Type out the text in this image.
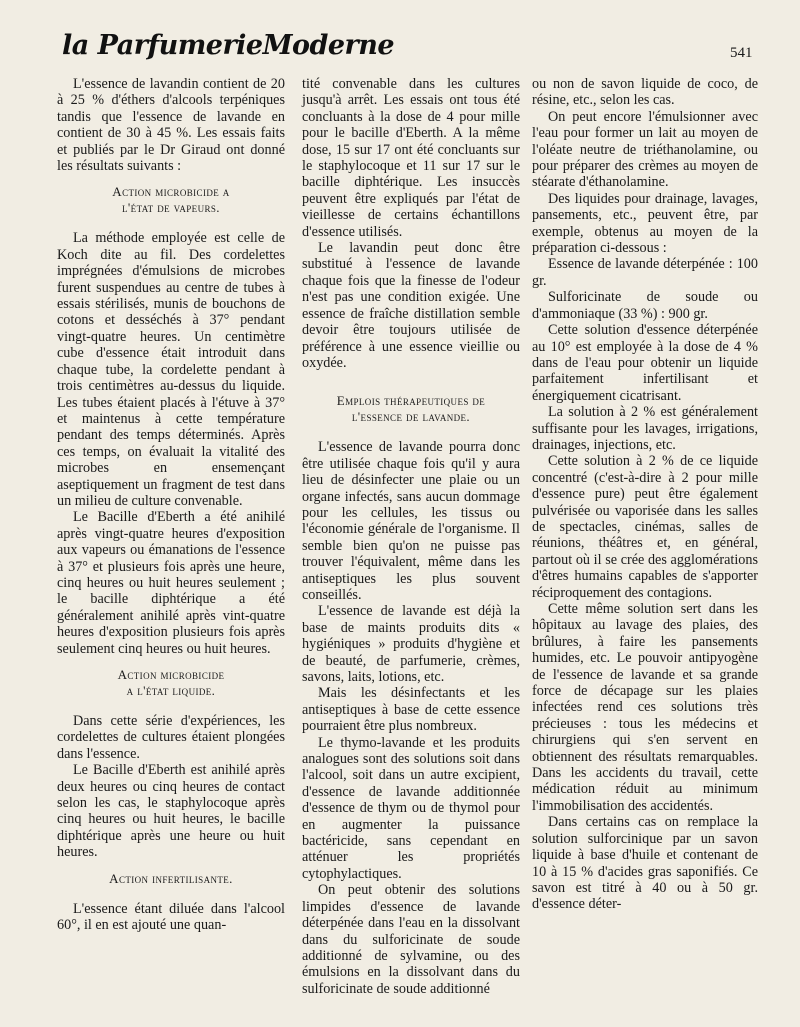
la ParfumerieModerne	541

L'essence de lavandin contient de 20 à 25 % d'éthers d'alcools terpéniques tandis que l'essence de lavande en contient de 30 à 45 %. Les essais faits et publiés par le Dr Giraud ont donné les résultats suivants :

Action microbicide a
l'état de vapeurs.

La méthode employée est celle de Koch dite au fil. Des cordelettes imprégnées d'émulsions de microbes furent suspendues au centre de tubes à essais stérilisés, munis de bouchons de cotons et desséchés à 37° pendant vingt-quatre heures. Un centimètre cube d'essence était introduit dans chaque tube, la cordelette pendant à trois centimètres au-dessus du liquide. Les tubes étaient placés à l'étuve à 37° et maintenus à cette température pendant des temps déterminés. Après ces temps, on évaluait la vitalité des microbes en ensemençant aseptiquement un fragment de test dans un milieu de culture convenable.

Le Bacille d'Eberth a été anihilé après vingt-quatre heures d'exposition aux vapeurs ou émanations de l'essence à 37° et plusieurs fois après une heure, cinq heures ou huit heures seulement ; le bacille diphtérique a été généralement anihilé après vint-quatre heures d'exposition plusieurs fois après seulement cinq heures ou huit heures.

Action microbicide
a l'état liquide.

Dans cette série d'expériences, les cordelettes de cultures étaient plongées dans l'essence.

Le Bacille d'Eberth est anihilé après deux heures ou cinq heures de contact selon les cas, le staphylocoque après cinq heures ou huit heures, le bacille diphtérique après une heure ou huit heures.

Action infertilisante.

L'essence étant diluée dans l'alcool 60°, il en est ajouté une quan-

tité convenable dans les cultures jusqu'à arrêt. Les essais ont tous été concluants à la dose de 4 pour mille pour le bacille d'Eberth. A la même dose, 15 sur 17 ont été concluants sur le staphylocoque et 11 sur 17 sur le bacille diphtérique. Les insuccès peuvent être expliqués par l'état de vieillesse de certains échantillons d'essence utilisés.

Le lavandin peut donc être substitué à l'essence de lavande chaque fois que la finesse de l'odeur n'est pas une condition exigée. Une essence de fraîche distillation semble devoir être toujours utilisée de préférence à une essence vieillie ou oxydée.

Emplois thérapeutiques de
l'essence de lavande.

L'essence de lavande pourra donc être utilisée chaque fois qu'il y aura lieu de désinfecter une plaie ou un organe infectés, sans aucun dommage pour les cellules, les tissus ou l'économie générale de l'organisme. Il semble bien qu'on ne puisse pas trouver l'équivalent, même dans les antiseptiques les plus souvent conseillés.

L'essence de lavande est déjà la base de maints produits dits « hygiéniques » produits d'hygiène et de beauté, de parfumerie, crèmes, savons, laits, lotions, etc.

Mais les désinfectants et les antiseptiques à base de cette essence pourraient être plus nombreux.

Le thymo-lavande et les produits analogues sont des solutions soit dans l'alcool, soit dans un autre excipient, d'essence de lavande additionnée d'essence de thym ou de thymol pour en augmenter la puissance bactéricide, sans cependant en atténuer les propriétés cytophylactiques.

On peut obtenir des solutions limpides d'essence de lavande déterpénée dans l'eau en la dissolvant dans du sulforicinate de soude additionné de sylvamine, ou des émulsions en la dissolvant dans du sulforicinate de soude additionné

ou non de savon liquide de coco, de résine, etc., selon les cas.

On peut encore l'émulsionner avec l'eau pour former un lait au moyen de l'oléate neutre de triéthanolamine, ou pour préparer des crèmes au moyen de stéarate d'éthanolamine.

Des liquides pour drainage, lavages, pansements, etc., peuvent être, par exemple, obtenus au moyen de la préparation ci-dessous :

Essence de lavande déterpénée : 100 gr.

Sulforicinate de soude ou d'ammoniaque (33 %) : 900 gr.

Cette solution d'essence déterpénée au 10° est employée à la dose de 4 % dans de l'eau pour obtenir un liquide parfaitement infertilisant et énergiquement cicatrisant.

La solution à 2 % est généralement suffisante pour les lavages, irrigations, drainages, injections, etc.

Cette solution à 2 % de ce liquide concentré (c'est-à-dire à 2 pour mille d'essence pure) peut être également pulvérisée ou vaporisée dans les salles de spectacles, cinémas, salles de réunions, théâtres et, en général, partout où il se crée des agglomérations d'êtres humains capables de s'apporter réciproquement des contagions.

Cette même solution sert dans les hôpitaux au lavage des plaies, des brûlures, à faire les pansements humides, etc. Le pouvoir antipyogène de l'essence de lavande et sa grande force de décapage sur les plaies infectées rend ces solutions très précieuses : tous les médecins et chirurgiens qui s'en servent en obtiennent des résultats remarquables. Dans les accidents du travail, cette médication réduit au minimum l'immobilisation des accidentés.

Dans certains cas on remplace la solution sulforcinique par un savon liquide à base d'huile et contenant de 10 à 15 % d'acides gras saponifiés. Ce savon est titré à 40 ou à 50 gr. d'essence déter-
